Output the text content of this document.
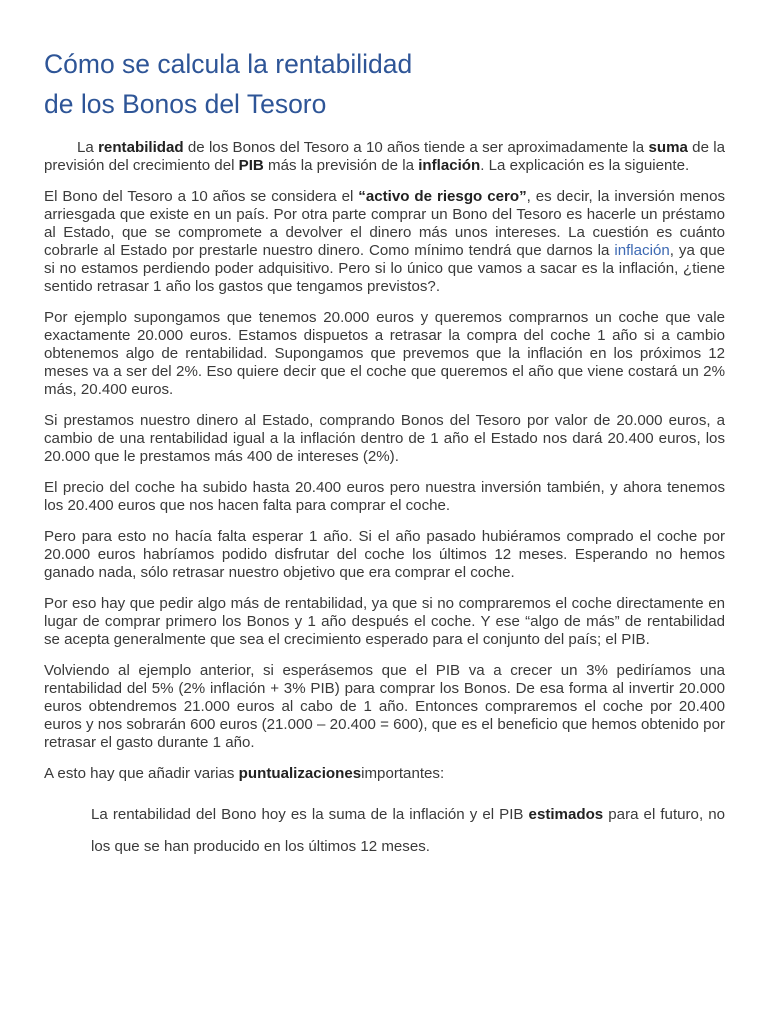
Cómo se calcula la rentabilidad
de los Bonos del Tesoro

La rentabilidad de los Bonos del Tesoro a 10 años tiende a ser aproximadamente la suma de la previsión del crecimiento del PIB más la previsión de la inflación. La explicación es la siguiente.

El Bono del Tesoro a 10 años se considera el “activo de riesgo cero”, es decir, la inversión menos arriesgada que existe en un país. Por otra parte comprar un Bono del Tesoro es hacerle un préstamo al Estado, que se compromete a devolver el dinero más unos intereses. La cuestión es cuánto cobrarle al Estado por prestarle nuestro dinero. Como mínimo tendrá que darnos la inflación, ya que si no estamos perdiendo poder adquisitivo. Pero si lo único que vamos a sacar es la inflación, ¿tiene sentido retrasar 1 año los gastos que tengamos previstos?.

Por ejemplo supongamos que tenemos 20.000 euros y queremos comprarnos un coche que vale exactamente 20.000 euros. Estamos dispuetos a retrasar la compra del coche 1 año si a cambio obtenemos algo de rentabilidad. Supongamos que prevemos que la inflación en los próximos 12 meses va a ser del 2%. Eso quiere decir que el coche que queremos el año que viene costará un 2% más, 20.400 euros.

Si prestamos nuestro dinero al Estado, comprando Bonos del Tesoro por valor de 20.000 euros, a cambio de una rentabilidad igual a la inflación dentro de 1 año el Estado nos dará 20.400 euros, los 20.000 que le prestamos más 400 de intereses (2%).

El precio del coche ha subido hasta 20.400 euros pero nuestra inversión también, y ahora tenemos los 20.400 euros que nos hacen falta para comprar el coche.

Pero para esto no hacía falta esperar 1 año. Si el año pasado hubiéramos comprado el coche por 20.000 euros habríamos podido disfrutar del coche los últimos 12 meses. Esperando no hemos ganado nada, sólo retrasar nuestro objetivo que era comprar el coche.

Por eso hay que pedir algo más de rentabilidad, ya que si no compraremos el coche directamente en lugar de comprar primero los Bonos y 1 año después el coche. Y ese “algo de más” de rentabilidad se acepta generalmente que sea el crecimiento esperado para el conjunto del país; el PIB.

Volviendo al ejemplo anterior, si esperásemos que el PIB va a crecer un 3% pediríamos una rentabilidad del 5% (2% inflación + 3% PIB) para comprar los Bonos. De esa forma al invertir 20.000 euros obtendremos 21.000 euros al cabo de 1 año. Entonces compraremos el coche por 20.400 euros y nos sobrarán 600 euros (21.000 – 20.400 = 600), que es el beneficio que hemos obtenido por retrasar el gasto durante 1 año.

A esto hay que añadir varias puntualizacionesimportantes:

La rentabilidad del Bono hoy es la suma de la inflación y el PIB estimados para el futuro, no los que se han producido en los últimos 12 meses.
